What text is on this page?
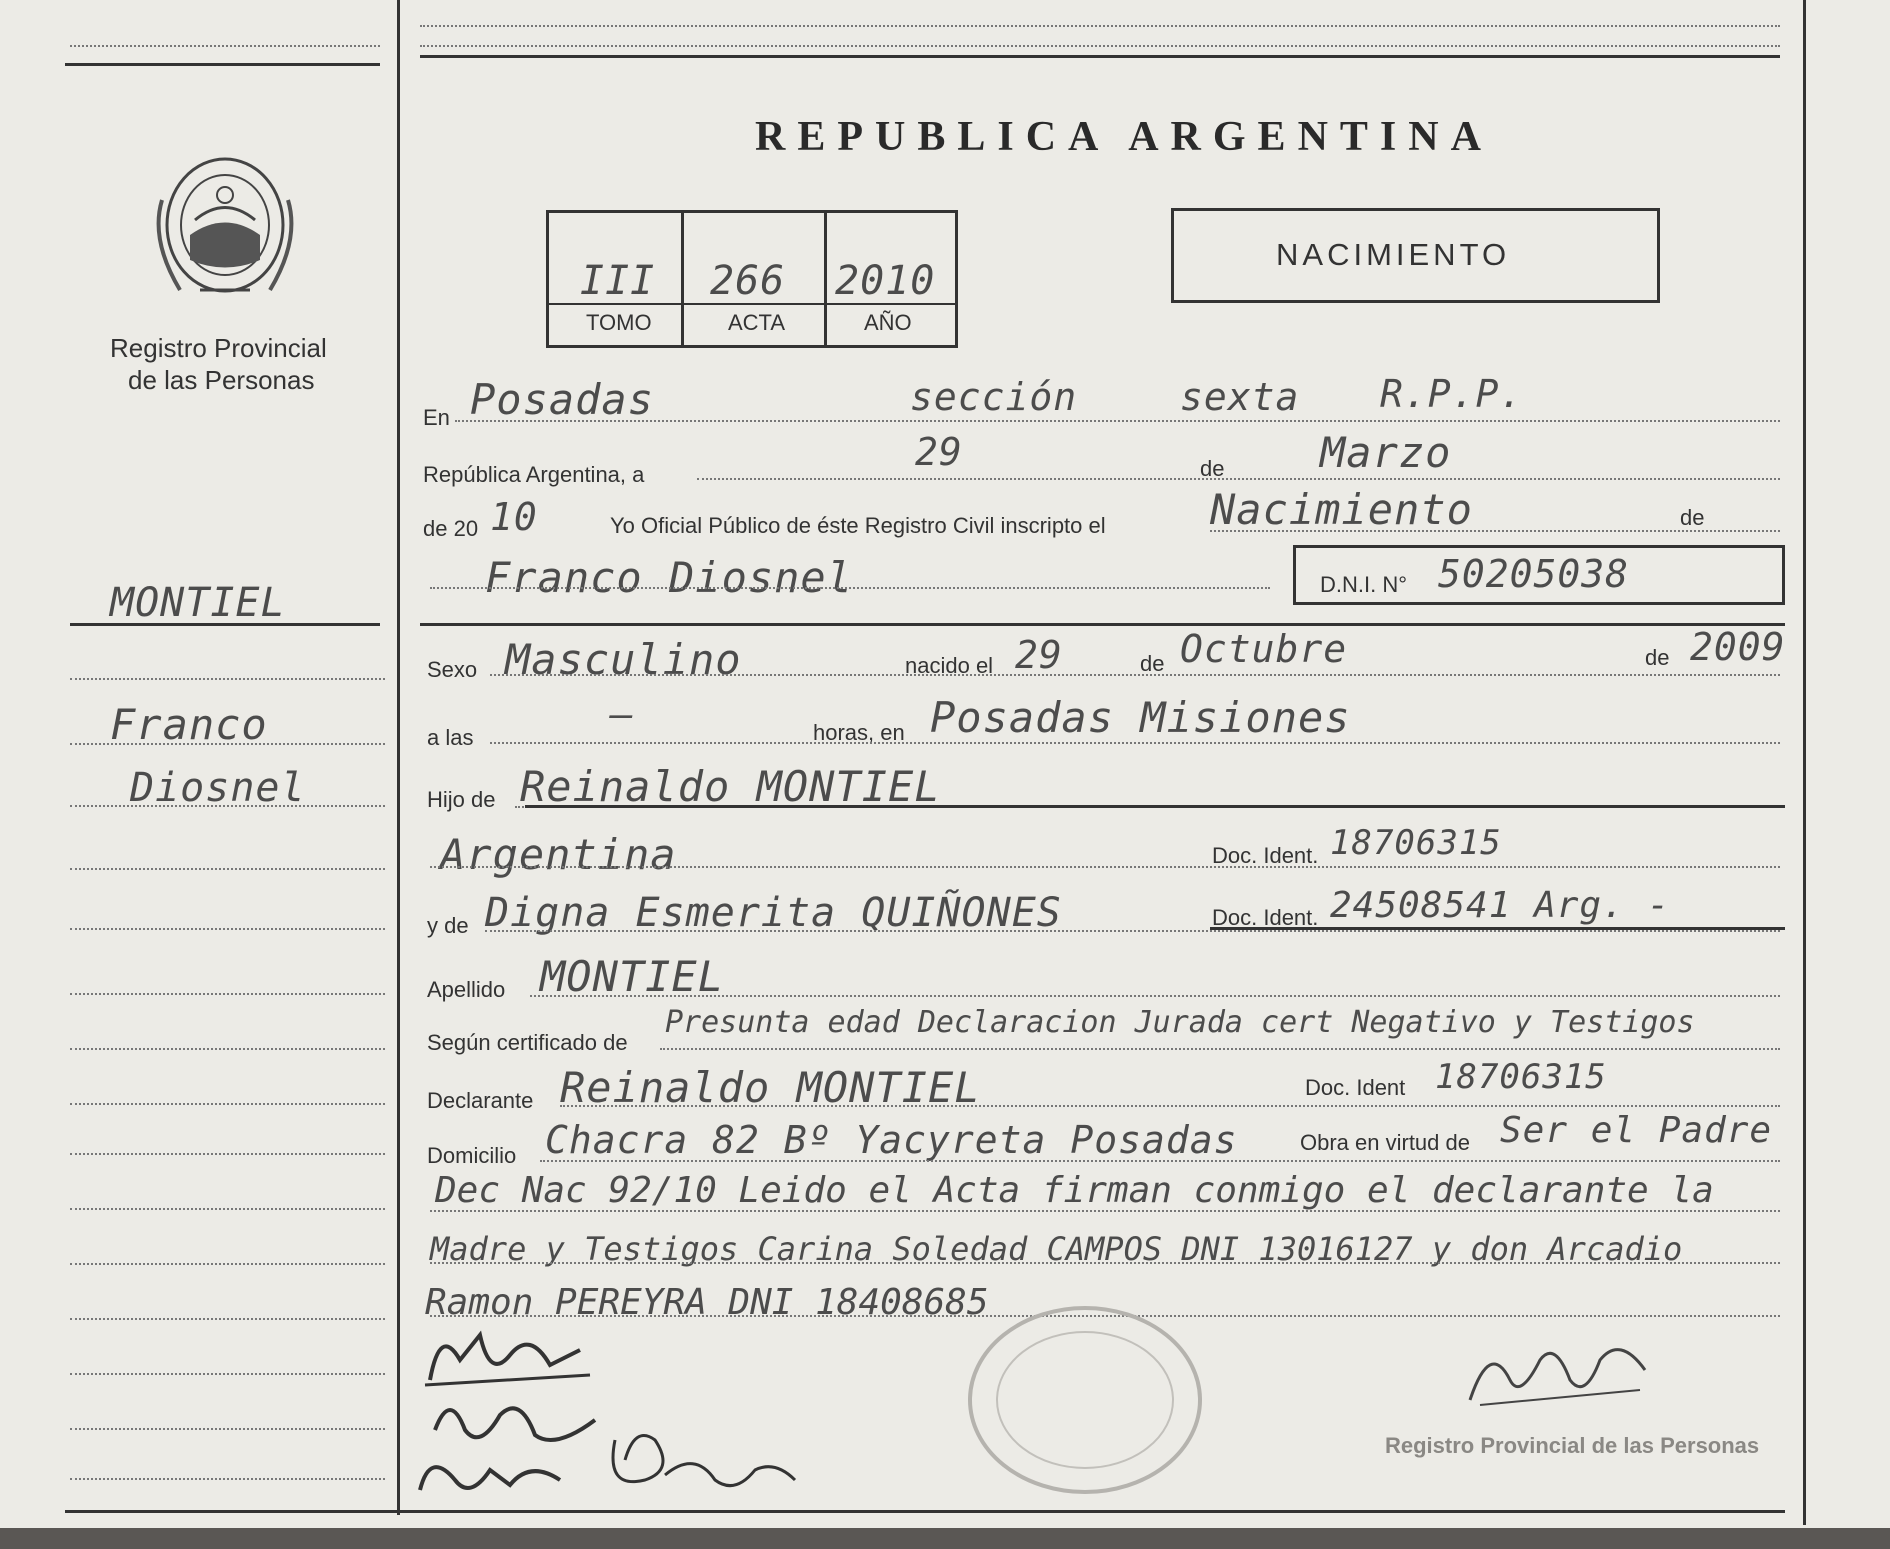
Registro Provincial
de las Personas
MONTIEL
Franco
Diosnel
REPUBLICA ARGENTINA
III 266 2010
TOMO	ACTA	AÑO
NACIMIENTO
En Posadas	sección	sexta R.P.P.
República Argentina, a
29	de Marzo
de 20 10	Yo Oficial Público de éste Registro Civil inscripto el Nacimiento	de
Franco Diosnel	D.N.I. N° 50205038
Sexo Masculino	nacido el 29	de Octubre	de 2009
a las
—	horas, en Posadas Misiones
Hijo de Reinaldo MONTIEL
Argentina	Doc. Ident. 18706315
y de Digna Esmerita QUIÑONES	Doc. Ident. 24508541 Arg. -
Apellido MONTIEL
Según certificado de
Presunta edad Declaracion Jurada cert Negativo y Testigos
Declarante Reinaldo MONTIEL	Doc. Ident 18706315
Domicilio Chacra 82 Bº Yacyreta Posadas	Obra en virtud de Ser el Padre
Dec Nac 92/10 Leido el Acta firman conmigo el declarante la
Madre y Testigos Carina Soledad CAMPOS DNI 13016127 y don Arcadio
Ramon PEREYRA DNI 18408685
Registro Provincial de las Personas
